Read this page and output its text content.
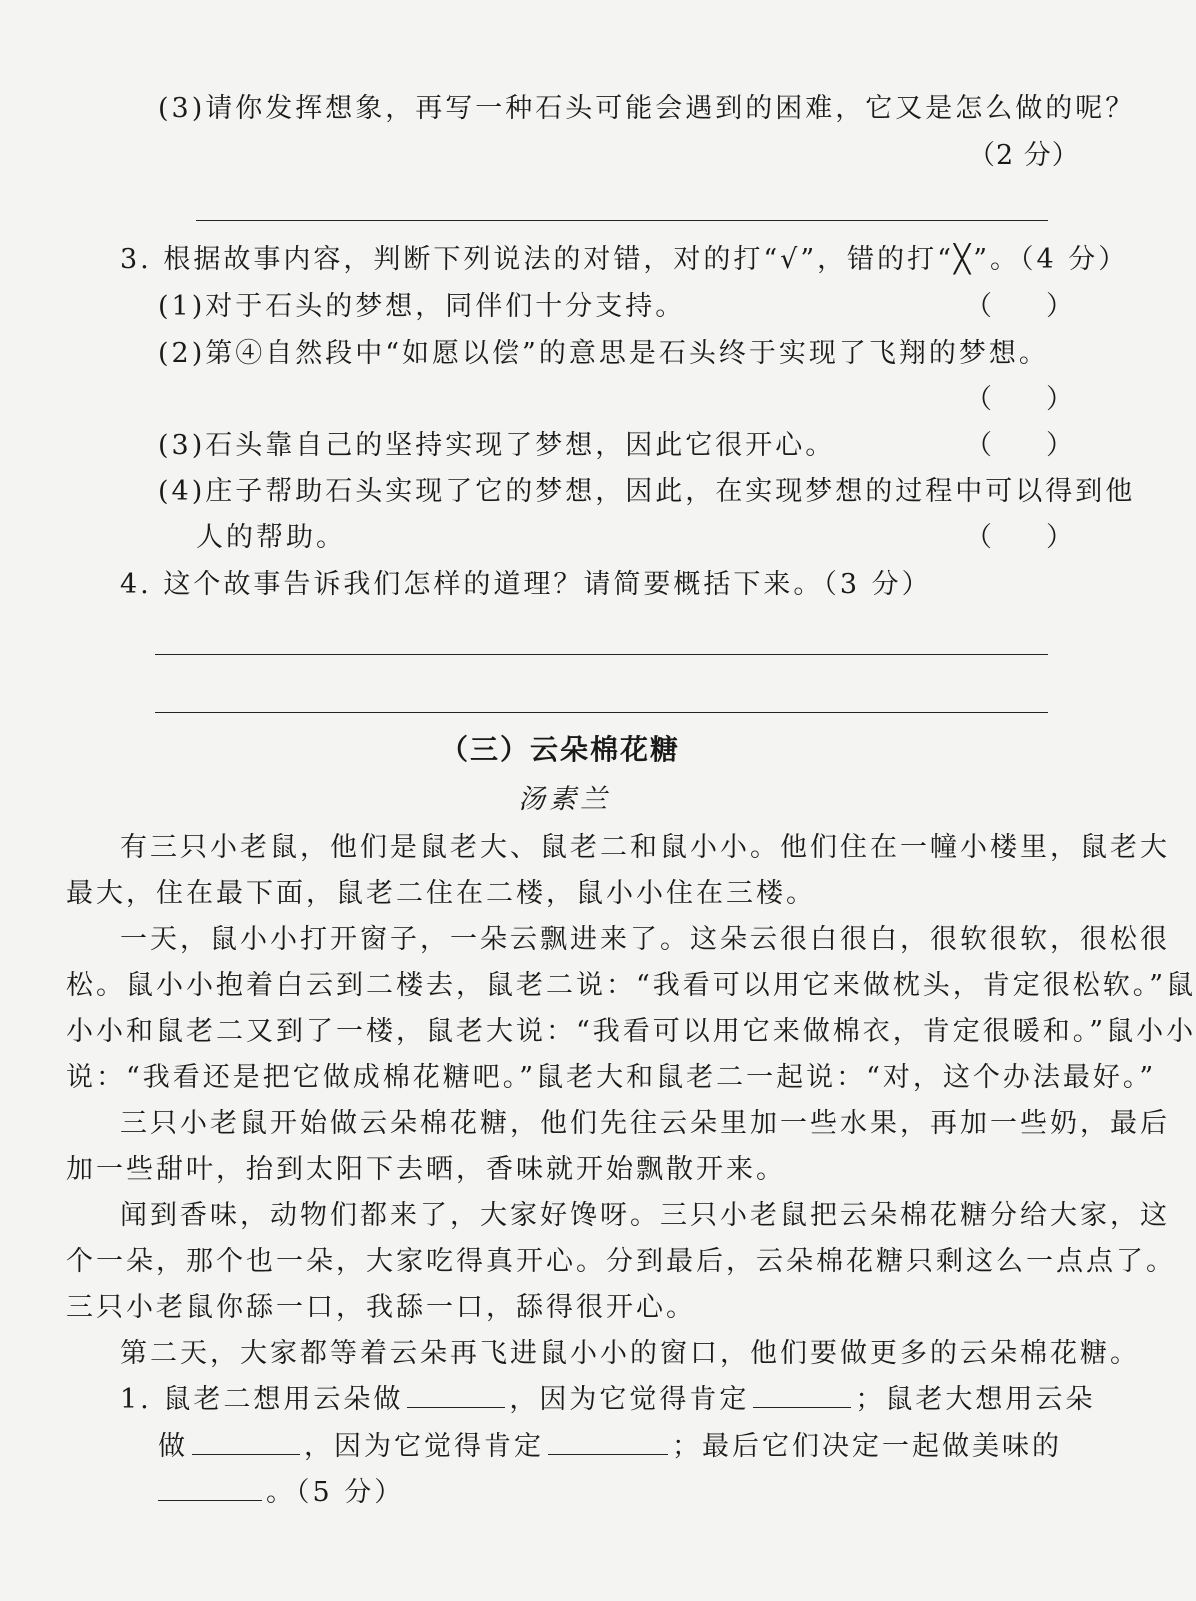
(3)请你发挥想象，再写一种石头可能会遇到的困难，它又是怎么做的呢？
（2 分）
3. 根据故事内容，判断下列说法的对错，对的打“√”，错的打“╳”。（4 分）
(1)对于石头的梦想，同伴们十分支持。	（　　）
(2)第④自然段中“如愿以偿”的意思是石头终于实现了飞翔的梦想。
（　　）
(3)石头靠自己的坚持实现了梦想，因此它很开心。	（　　）
(4)庄子帮助石头实现了它的梦想，因此，在实现梦想的过程中可以得到他
人的帮助。	（　　）
4. 这个故事告诉我们怎样的道理？请简要概括下来。（3 分）
（三）云朵棉花糖
汤素兰
有三只小老鼠，他们是鼠老大、鼠老二和鼠小小。他们住在一幢小楼里，鼠老大
最大，住在最下面，鼠老二住在二楼，鼠小小住在三楼。
一天，鼠小小打开窗子，一朵云飘进来了。这朵云很白很白，很软很软，很松很
松。鼠小小抱着白云到二楼去，鼠老二说：“我看可以用它来做枕头，肯定很松软。”鼠
小小和鼠老二又到了一楼，鼠老大说：“我看可以用它来做棉衣，肯定很暖和。”鼠小小
说：“我看还是把它做成棉花糖吧。”鼠老大和鼠老二一起说：“对，这个办法最好。”
三只小老鼠开始做云朵棉花糖，他们先往云朵里加一些水果，再加一些奶，最后
加一些甜叶，抬到太阳下去晒，香味就开始飘散开来。
闻到香味，动物们都来了，大家好馋呀。三只小老鼠把云朵棉花糖分给大家，这
个一朵，那个也一朵，大家吃得真开心。分到最后，云朵棉花糖只剩这么一点点了。
三只小老鼠你舔一口，我舔一口，舔得很开心。
第二天，大家都等着云朵再飞进鼠小小的窗口，他们要做更多的云朵棉花糖。
1. 鼠老二想用云朵做	，因为它觉得肯定	；鼠老大想用云朵
做	，因为它觉得肯定	；最后它们决定一起做美味的
。（5 分）
